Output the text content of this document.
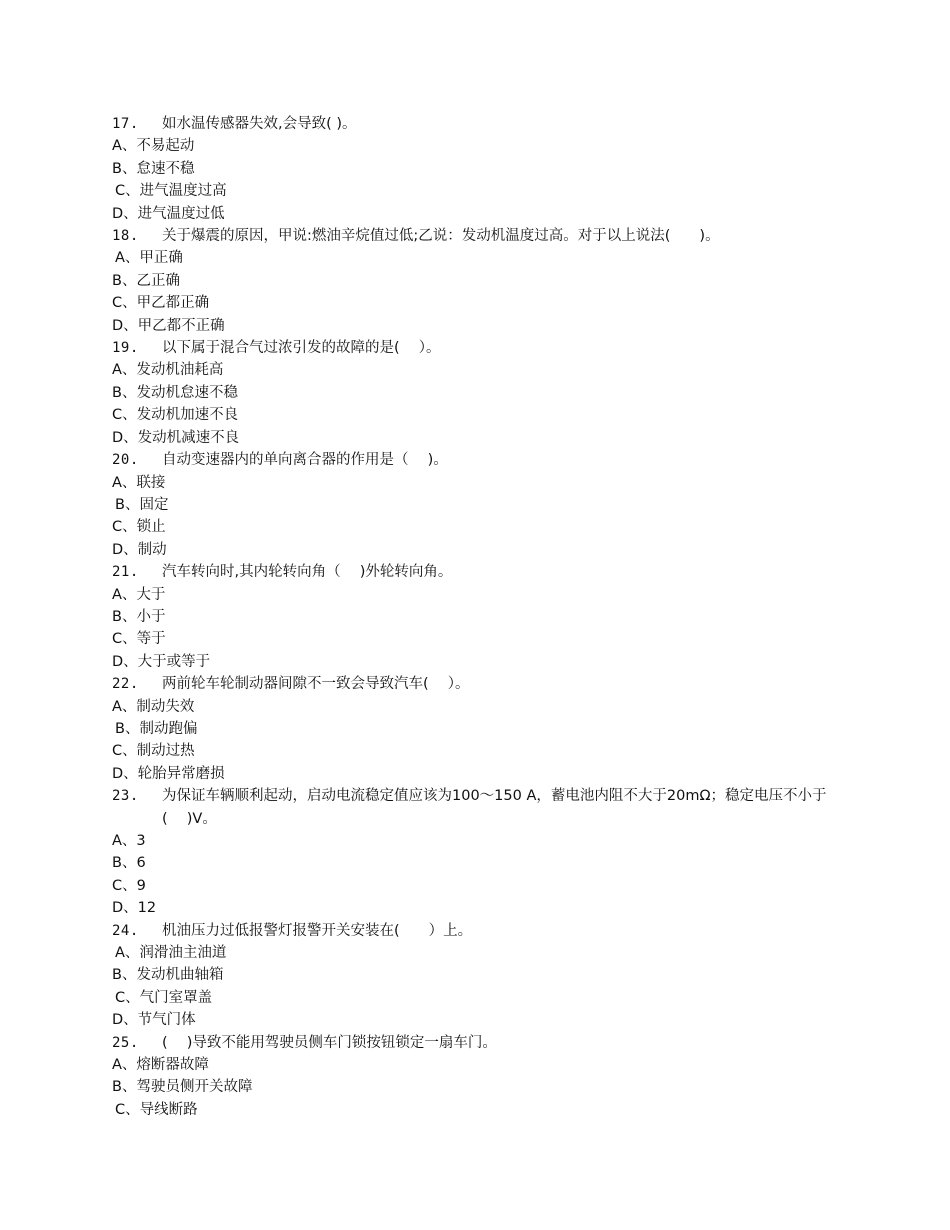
17.	如水温传感器失效,会导致( )。
A、不易起动
B、怠速不稳
C、进气温度过高
D、进气温度过低
18.	关于爆震的原因，甲说:燃油辛烷值过低;乙说：发动机温度过高。对于以上说法(　　)。
A、甲正确
B、乙正确
C、甲乙都正确
D、甲乙都不正确
19.	以下属于混合气过浓引发的故障的是(　 ）。
A、发动机油耗高
B、发动机怠速不稳
C、发动机加速不良
D、发动机减速不良
20.	自动变速器内的单向离合器的作用是（　 )。
A、联接
B、固定
C、锁止
D、制动
21.	汽车转向时,其内轮转向角（　 )外轮转向角。
A、大于
B、小于
C、等于
D、大于或等于
22.	两前轮车轮制动器间隙不一致会导致汽车(　 ）。
A、制动失效
B、制动跑偏
C、制动过热
D、轮胎异常磨损
23.	为保证车辆顺利起动，启动电流稳定值应该为100～150 A，蓄电池内阻不大于20mΩ；稳定电压不小于(　 )V。
A、3
B、6
C、9
D、12
24.	机油压力过低报警灯报警开关安装在(　　）上。
A、润滑油主油道
B、发动机曲轴箱
C、气门室罩盖
D、节气门体
25.	(　 )导致不能用驾驶员侧车门锁按钮锁定一扇车门。
A、熔断器故障
B、驾驶员侧开关故障
C、导线断路
